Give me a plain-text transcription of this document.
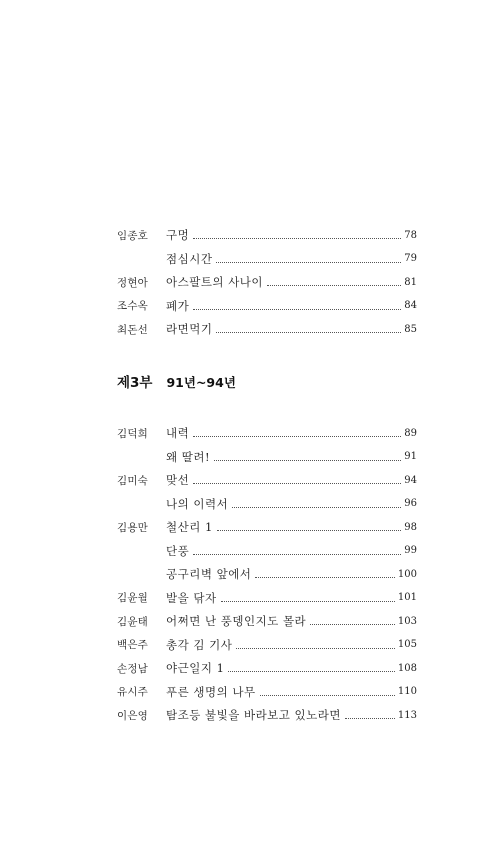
임종호	구멍	78
점심시간	79
정현아	아스팔트의 사나이	81
조수옥	폐가	84
최돈선	라면먹기	85
제3부 91년~94년
김덕희	내력	89
왜 딸려!	91
김미숙	맞선	94
나의 이력서	96
김용만	철산리 1	98
단풍	99
공구리벽 앞에서	100
김윤월	발을 닦자	101
김윤태	어쩌면 난 풍뎅인지도 몰라	103
백은주	총각 김 기사	105
손정남	야근일지 1	108
유시주	푸른 생명의 나무	110
이은영	탐조등 불빛을 바라보고 있노라면	113
